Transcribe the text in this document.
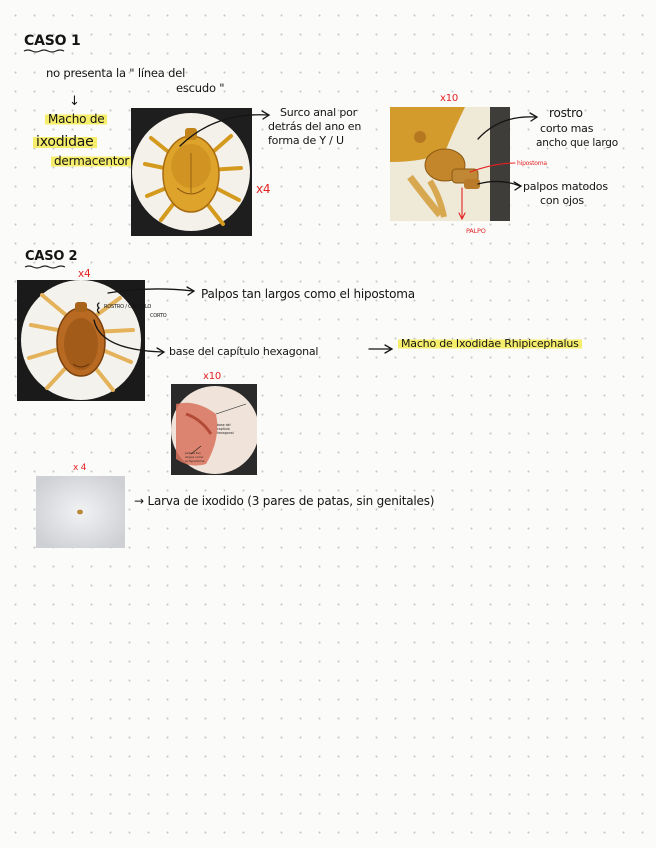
CASO 1
no presenta la " línea del
escudo "
↓
Macho de
ixodidae
dermacentor
x4
Surco anal por
detrás del ano en
forma de Y / U
x10
rostro
corto mas
ancho que largo
hipostoma
palpos matodos
con ojos
PALPO
CASO 2
x4
ROSTRO / CAPÍTULO
CORTO
Palpos tan largos como el hipostoma
base del capítulo hexagonal
Macho de Ixodidae Rhipicephalus
x10
base del
capítulo
hexagonal
palpos tan
largos como
el hipostoma
x 4
→ Larva de ixodido (3 pares de patas, sin genitales)
